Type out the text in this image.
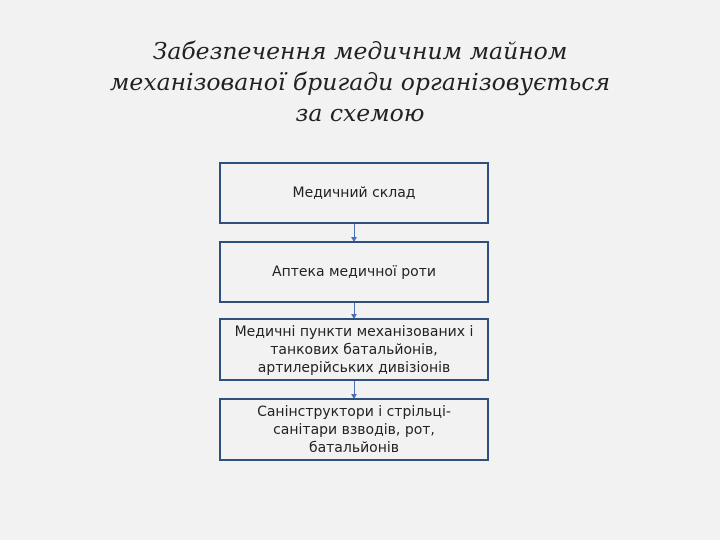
Забезпечення медичним майном
механізованої бригади організовується
за схемою
Медичний склад
Аптека медичної роти
Медичні пункти механізованих і
танкових батальйонів,
артилерійських дивізіонів
Санінструктори і стрільці-
санітари взводів, рот,
батальйонів
